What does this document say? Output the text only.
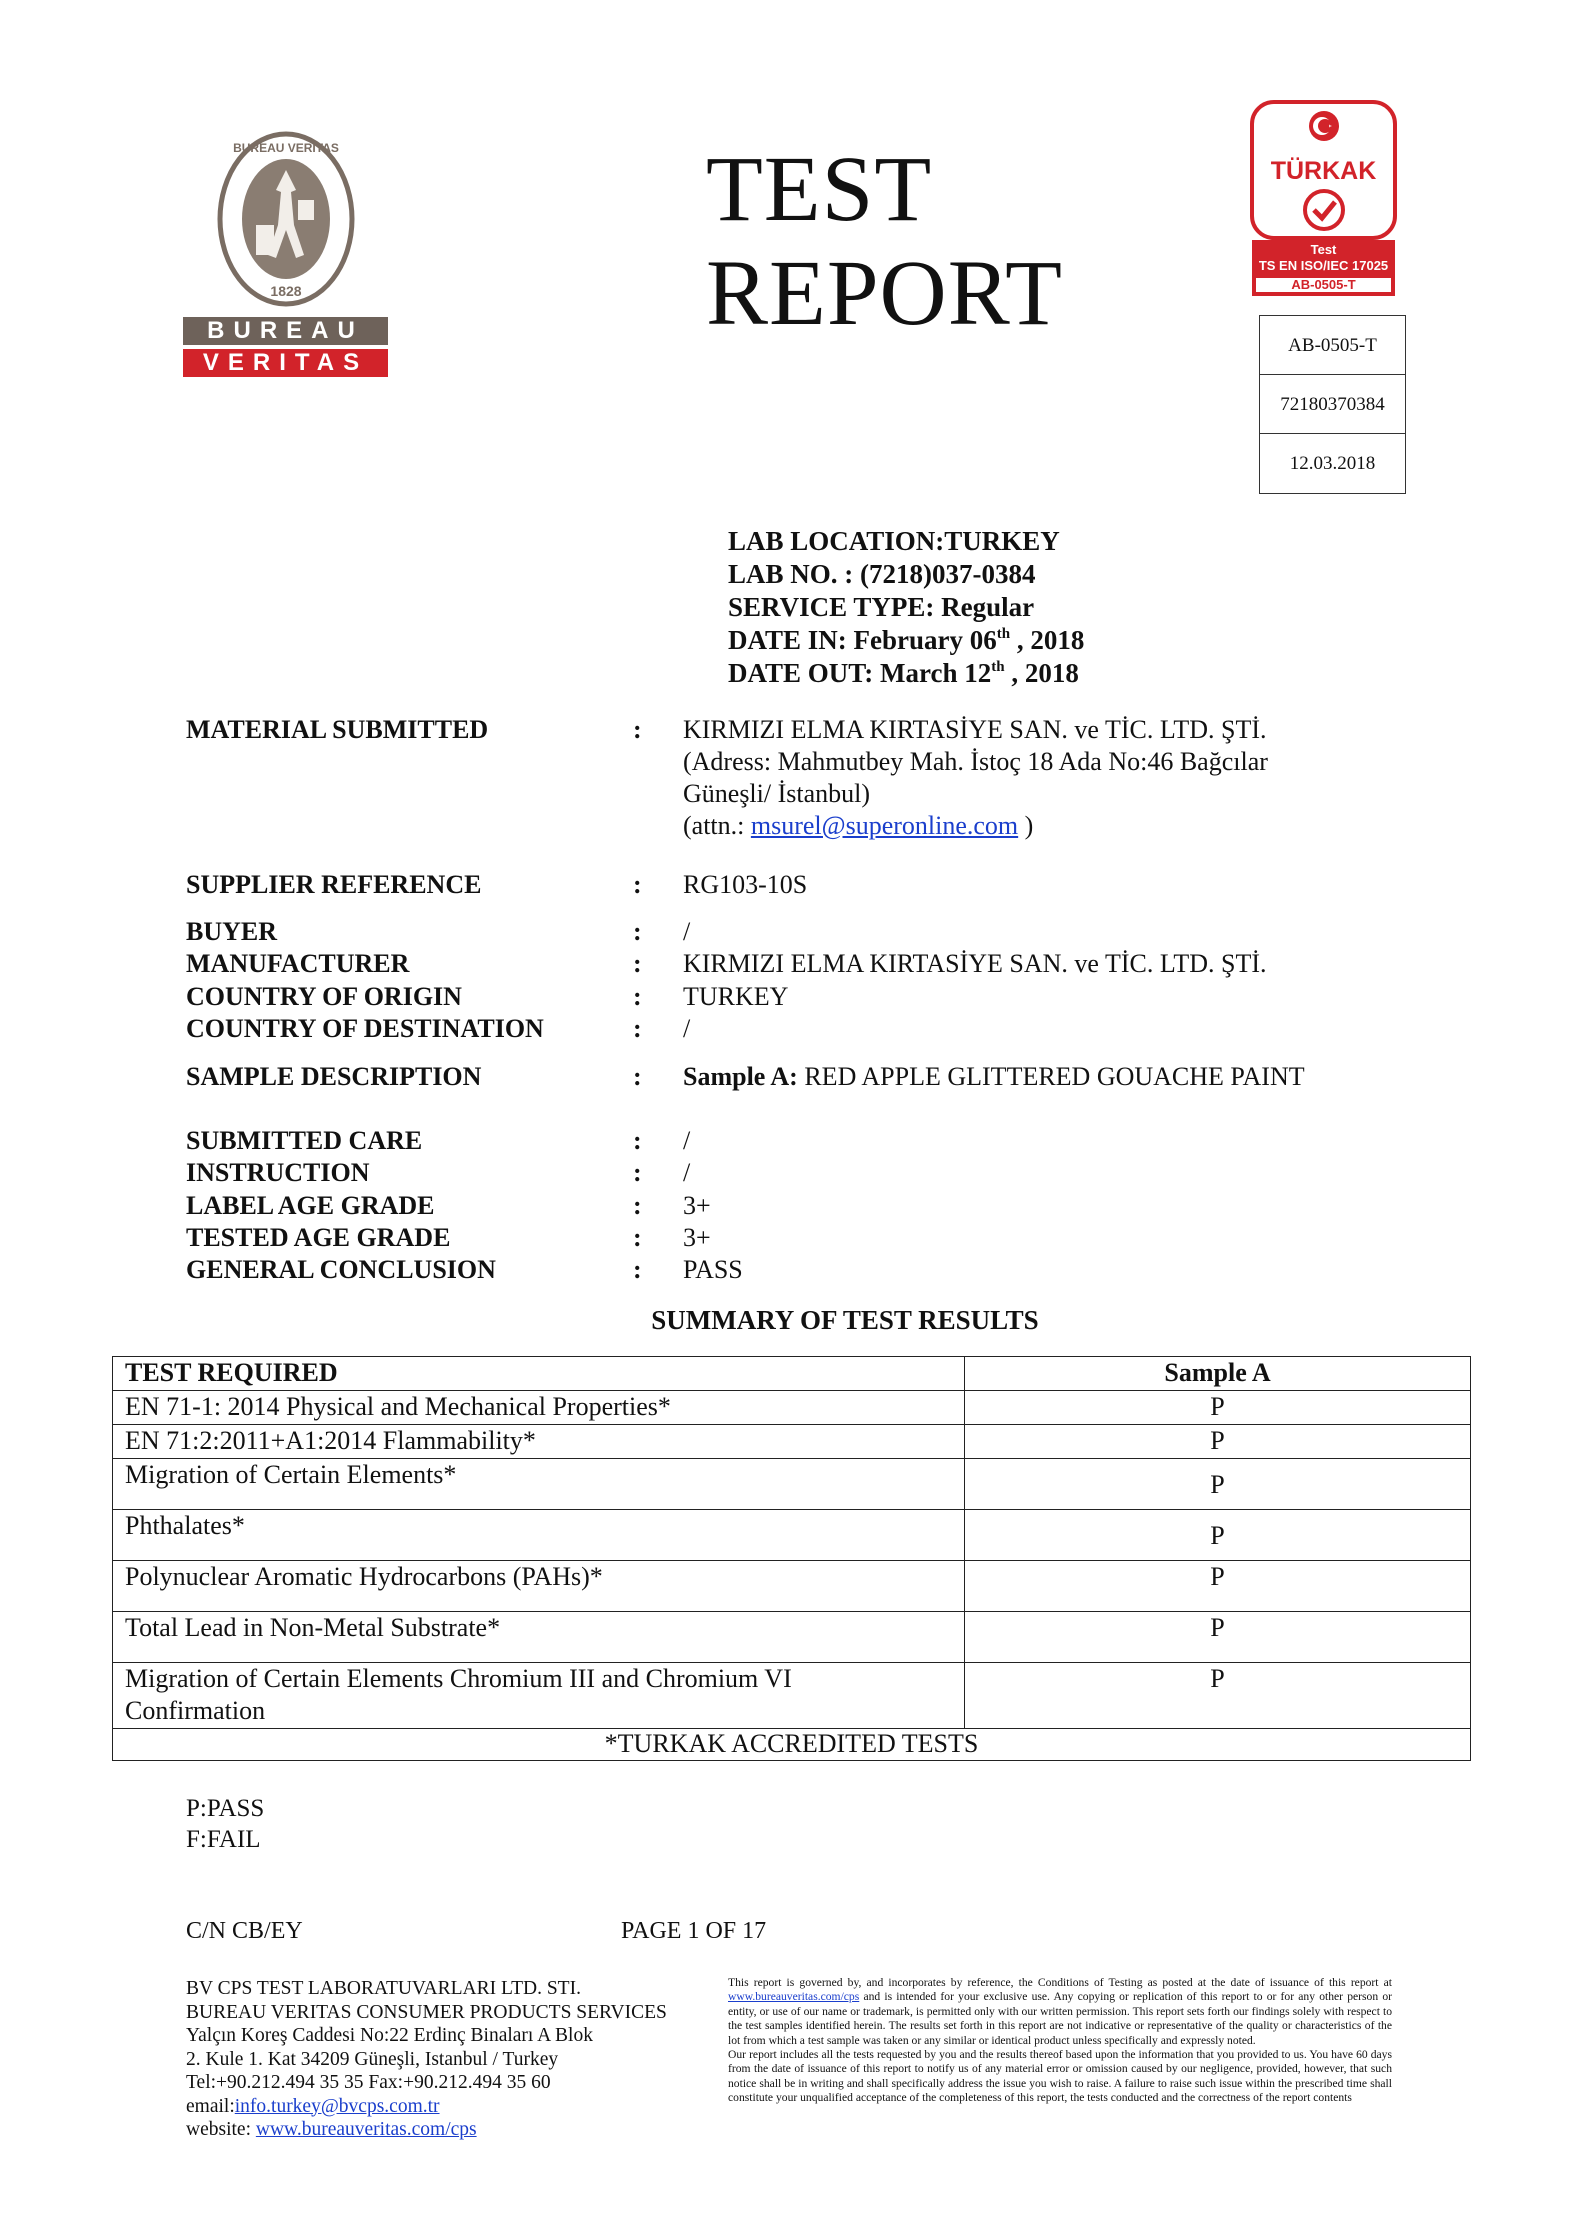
BUREAU VERITAS
1828
BUREAU
VERITAS
TEST
REPORT
TÜRKAK
Test
TS EN ISO/IEC 17025
AB-0505-T
AB-0505-T
72180370384
12.03.2018
LAB LOCATION:TURKEY
LAB NO. : (7218)037-0384
SERVICE TYPE: Regular
DATE IN: February 06th , 2018
DATE OUT: March 12th , 2018
MATERIAL SUBMITTED	: KIRMIZI ELMA KIRTASİYE SAN. ve TİC. LTD. ŞTİ.
(Adress: Mahmutbey Mah. İstoç 18 Ada No:46 Bağcılar
Güneşli/ İstanbul)
(attn.: msurel@superonline.com )
SUPPLIER REFERENCE	: RG103-10S
BUYER	: /
MANUFACTURER	: KIRMIZI ELMA KIRTASİYE SAN. ve TİC. LTD. ŞTİ.
COUNTRY OF ORIGIN	: TURKEY
COUNTRY OF DESTINATION	: /
SAMPLE DESCRIPTION	: Sample A: RED APPLE GLITTERED GOUACHE PAINT
SUBMITTED CARE	: /
INSTRUCTION	: /
LABEL AGE GRADE	: 3+
TESTED AGE GRADE	: 3+
GENERAL CONCLUSION	: PASS
SUMMARY OF TEST RESULTS
TEST REQUIRED	Sample A
EN 71-1: 2014 Physical and Mechanical Properties*	P
EN 71:2:2011+A1:2014 Flammability*	P
Migration of Certain Elements*	P
Phthalates*	P
Polynuclear Aromatic Hydrocarbons (PAHs)*	P
Total Lead in Non-Metal Substrate*	P

Migration of Certain Elements Chromium III and Chromium VI
Confirmation	P
*TURKAK ACCREDITED TESTS	
P:PASS
F:FAIL
C/N CB/EY	PAGE 1 OF 17
BV CPS TEST LABORATUVARLARI LTD. STI.
BUREAU VERITAS CONSUMER PRODUCTS SERVICES
Yalçın Koreş Caddesi No:22 Erdinç Binaları A Blok
2. Kule 1. Kat 34209 Güneşli, Istanbul / Turkey
Tel:+90.212.494 35 35 Fax:+90.212.494 35 60
email:info.turkey@bvcps.com.tr
website: www.bureauveritas.com/cps
This report is governed by, and incorporates by reference, the Conditions of Testing as posted at the date of issuance of this report at www.bureauveritas.com/cps and is intended for your exclusive use. Any copying or replication of this report to or for any other person or entity, or use of our name or trademark, is permitted only with our written permission. This report sets forth our findings solely with respect to the test samples identified herein. The results set forth in this report are not indicative or representative of the quality or characteristics of the lot from which a test sample was taken or any similar or identical product unless specifically and expressly noted.
Our report includes all the tests requested by you and the results thereof based upon the information that you provided to us. You have 60 days from the date of issuance of this report to notify us of any material error or omission caused by our negligence, provided, however, that such notice shall be in writing and shall specifically address the issue you wish to raise. A failure to raise such issue within the prescribed time shall constitute your unqualified acceptance of the completeness of this report, the tests conducted and the correctness of the report contents
